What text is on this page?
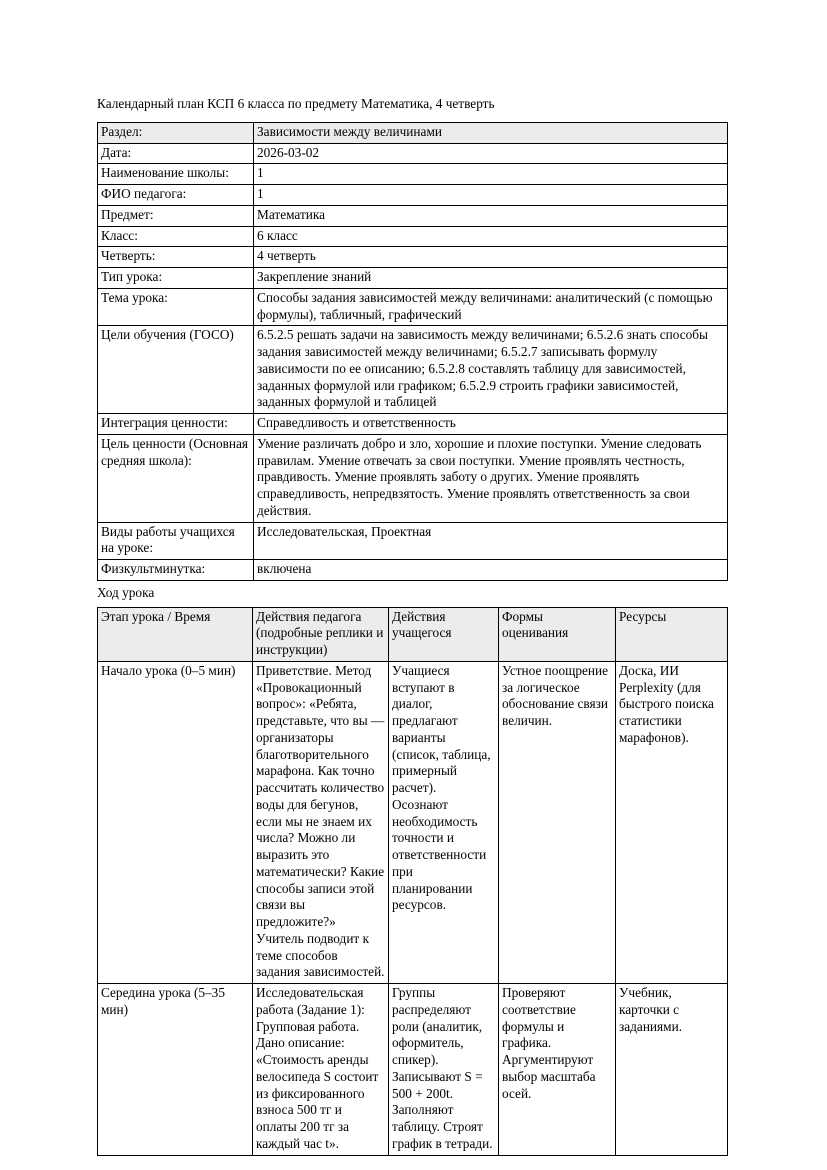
Календарный план КСП 6 класса по предмету Математика, 4 четверть
Раздел:	Зависимости между величинами
Дата:	2026-03-02
Наименование школы:	1
ФИО педагога:	1
Предмет:	Математика
Класс:	6 класс
Четверть:	4 четверть
Тип урока:	Закрепление знаний
Тема урока:	Способы задания зависимостей между величинами: аналитический (с помощью формулы), табличный, графический
Цели обучения (ГОСО)	6.5.2.5 решать задачи на зависимость между величинами; 6.5.2.6 знать способы задания зависимостей между величинами; 6.5.2.7 записывать формулу зависимости по ее описанию; 6.5.2.8 составлять таблицу для зависимостей, заданных формулой или графиком; 6.5.2.9 строить графики зависимостей, заданных формулой и таблицей
Интеграция ценности:	Справедливость и ответственность
Цель ценности (Основная средняя школа):	Умение различать добро и зло, хорошие и плохие поступки. Умение следовать правилам. Умение отвечать за свои поступки. Умение проявлять честность, правдивость. Умение проявлять заботу о других. Умение проявлять справедливость, непредвзятость. Умение проявлять ответственность за свои действия.
Виды работы учащихся на уроке:	Исследовательская, Проектная
Физкультминутка:	включена
Ход урока
Этап урока / Время	Действия педагога (подробные реплики и инструкции)	Действия учащегося	Формы оценивания	Ресурсы
Начало урока (0–5 мин)	Приветствие. Метод «Провокационный вопрос»: «Ребята, представьте, что вы — организаторы благотворительного марафона. Как точно рассчитать количество воды для бегунов, если мы не знаем их числа? Можно ли выразить это математически? Какие способы записи этой связи вы предложите?» Учитель подводит к теме способов задания зависимостей.	Учащиеся вступают в диалог, предлагают варианты (список, таблица, примерный расчет). Осознают необходимость точности и ответственности при планировании ресурсов.	Устное поощрение за логическое обоснование связи величин.	Доска, ИИ Perplexity (для быстрого поиска статистики марафонов).
Середина урока (5–35 мин)	Исследовательская работа (Задание 1): Групповая работа. Дано описание: «Стоимость аренды велосипеда S состоит из фиксированного взноса 500 тг и оплаты 200 тг за каждый час t».	Группы распределяют роли (аналитик, оформитель, спикер). Записывают S = 500 + 200t. Заполняют таблицу. Строят график в тетради.	Проверяют соответствие формулы и графика. Аргументируют выбор масштаба осей.	Учебник, карточки с заданиями.
